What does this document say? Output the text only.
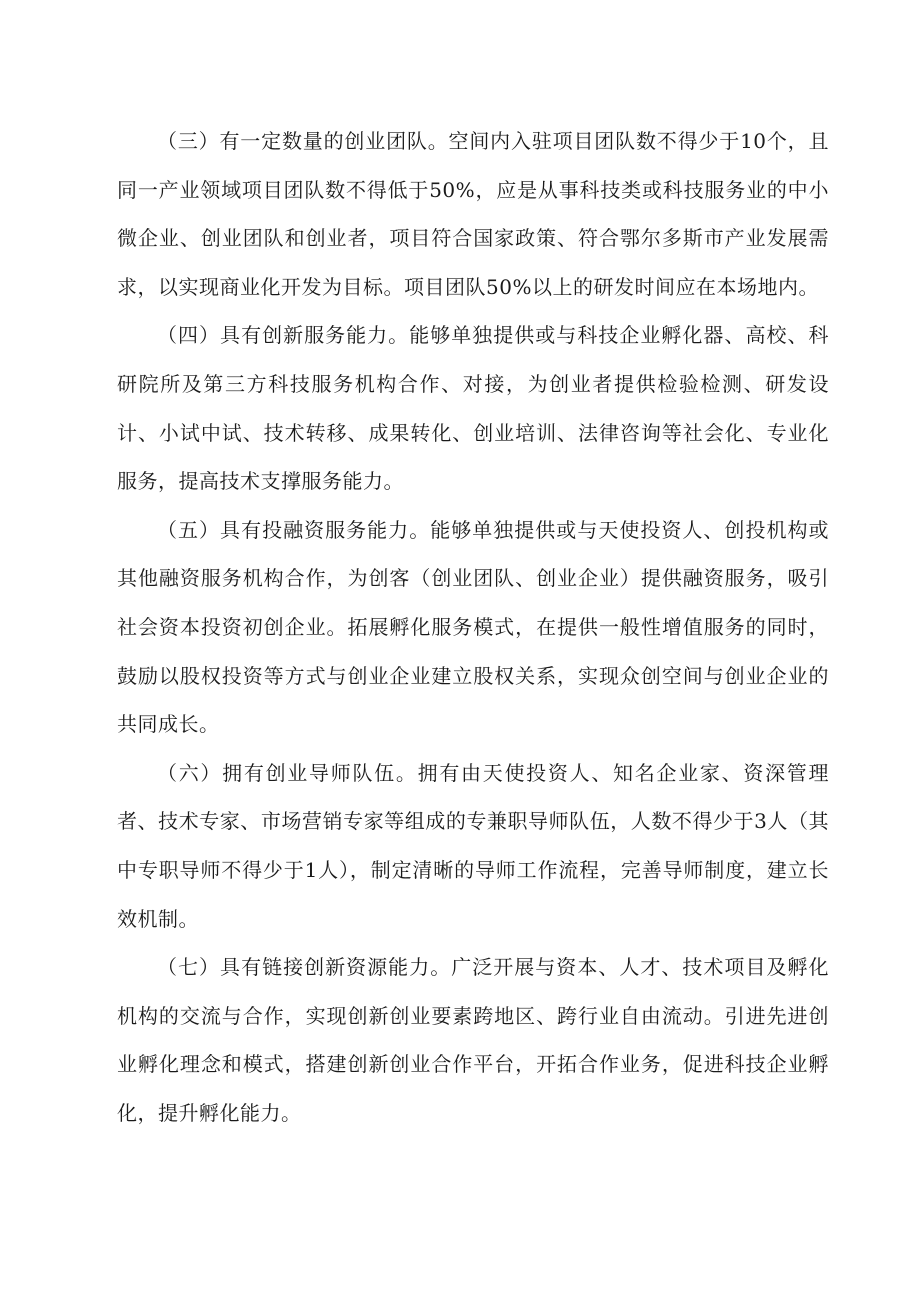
（三）有一定数量的创业团队。空间内入驻项目团队数不得少于10个，且同一产业领域项目团队数不得低于50%，应是从事科技类或科技服务业的中小微企业、创业团队和创业者，项目符合国家政策、符合鄂尔多斯市产业发展需求，以实现商业化开发为目标。项目团队50%以上的研发时间应在本场地内。

（四）具有创新服务能力。能够单独提供或与科技企业孵化器、高校、科研院所及第三方科技服务机构合作、对接，为创业者提供检验检测、研发设计、小试中试、技术转移、成果转化、创业培训、法律咨询等社会化、专业化服务，提高技术支撑服务能力。

（五）具有投融资服务能力。能够单独提供或与天使投资人、创投机构或其他融资服务机构合作，为创客（创业团队、创业企业）提供融资服务，吸引社会资本投资初创企业。拓展孵化服务模式，在提供一般性增值服务的同时，鼓励以股权投资等方式与创业企业建立股权关系，实现众创空间与创业企业的共同成长。

（六）拥有创业导师队伍。拥有由天使投资人、知名企业家、资深管理者、技术专家、市场营销专家等组成的专兼职导师队伍，人数不得少于3人（其中专职导师不得少于1人），制定清晰的导师工作流程，完善导师制度，建立长效机制。

（七）具有链接创新资源能力。广泛开展与资本、人才、技术项目及孵化机构的交流与合作，实现创新创业要素跨地区、跨行业自由流动。引进先进创业孵化理念和模式，搭建创新创业合作平台，开拓合作业务，促进科技企业孵化，提升孵化能力。
